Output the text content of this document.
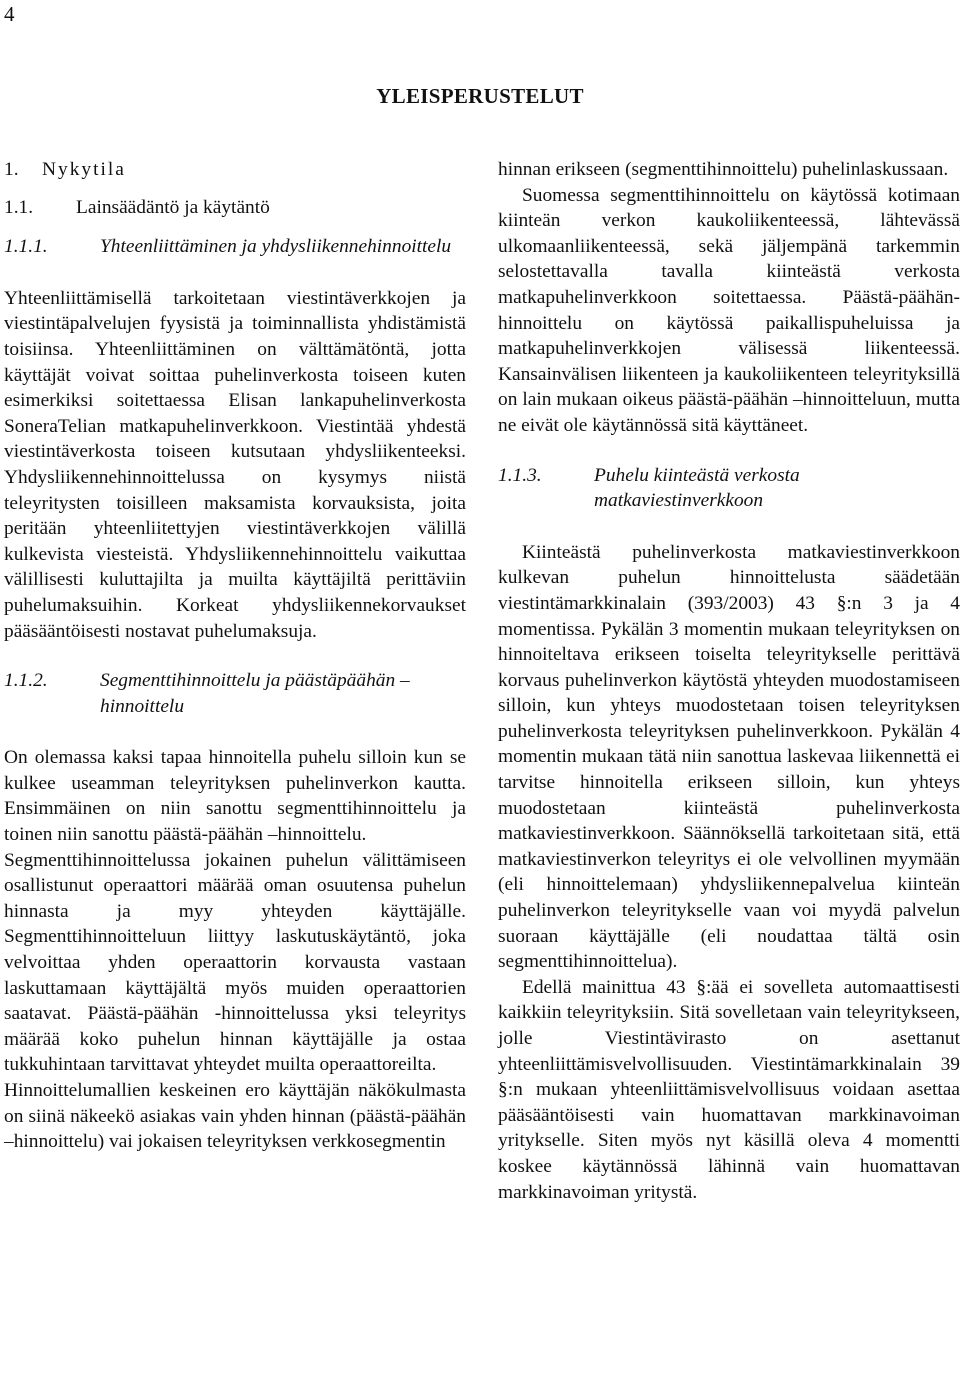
4
YLEISPERUSTELUT
1.	Nykytila
1.1.	Lainsäädäntö ja käytäntö
1.1.1.	Yhteenliittäminen ja yhdysliikennehinnoittelu

Yhteenliittämisellä tarkoitetaan viestintäverkkojen ja viestintäpalvelujen fyysistä ja toiminnallista yhdistämistä toisiinsa. Yhteenliittäminen on välttämätöntä, jotta käyttäjät voivat soittaa puhelinverkosta toiseen kuten esimerkiksi soitettaessa Elisan lankapuhelinverkosta SoneraTelian matkapuhelinverkkoon. Viestintää yhdestä viestintäverkosta toiseen kutsutaan yhdysliikenteeksi. Yhdysliikennehinnoittelussa on kysymys niistä teleyritysten toisilleen maksamista korvauksista, joita peritään yhteenliitettyjen viestintäverkkojen välillä kulkevista viesteistä. Yhdysliikennehinnoittelu vaikuttaa välillisesti kuluttajilta ja muilta käyttäjiltä perittäviin puhelumaksuihin. Korkeat yhdysliikennekorvaukset pääsääntöisesti nostavat puhelumaksuja.

1.1.2.	Segmenttihinnoittelu ja päästäpäähän –hinnoittelu

On olemassa kaksi tapaa hinnoitella puhelu silloin kun se kulkee useamman teleyrityksen puhelinverkon kautta. Ensimmäinen on niin sanottu segmenttihinnoittelu ja toinen niin sanottu päästä-päähän –hinnoittelu.

Segmenttihinnoittelussa jokainen puhelun välittämiseen osallistunut operaattori määrää oman osuutensa puhelun hinnasta ja myy yhteyden käyttäjälle. Segmenttihinnoitteluun liittyy laskutuskäytäntö, joka velvoittaa yhden operaattorin korvausta vastaan laskuttamaan käyttäjältä myös muiden operaattorien saatavat. Päästä-päähän -hinnoittelussa yksi teleyritys määrää koko puhelun hinnan käyttäjälle ja ostaa tukkuhintaan tarvittavat yhteydet muilta operaattoreilta.

Hinnoittelumallien keskeinen ero käyttäjän näkökulmasta on siinä näkeekö asiakas vain yhden hinnan (päästä-päähän –hinnoittelu) vai jokaisen teleyrityksen verkkosegmentin

hinnan erikseen (segmenttihinnoittelu) puhelinlaskussaan.

Suomessa segmenttihinnoittelu on käytössä kotimaan kiinteän verkon kaukoliikenteessä, lähtevässä ulkomaanliikenteessä, sekä jäljempänä tarkemmin selostettavalla tavalla kiinteästä verkosta matkapuhelinverkkoon soitettaessa. Päästä-päähän-hinnoittelu on käytössä paikallispuheluissa ja matkapuhelinverkkojen välisessä liikenteessä. Kansainvälisen liikenteen ja kaukoliikenteen teleyrityksillä on lain mukaan oikeus päästä-päähän –hinnoitteluun, mutta ne eivät ole käytännössä sitä käyttäneet.

1.1.3.	Puhelu kiinteästä verkosta matkaviestinverkkoon

Kiinteästä puhelinverkosta matkaviestinverkkoon kulkevan puhelun hinnoittelusta säädetään viestintämarkkinalain (393/2003) 43 §:n 3 ja 4 momentissa. Pykälän 3 momentin mukaan teleyrityksen on hinnoiteltava erikseen toiselta teleyritykselle perittävä korvaus puhelinverkon käytöstä yhteyden muodostamiseen silloin, kun yhteys muodostetaan toisen teleyrityksen puhelinverkosta teleyrityksen puhelinverkkoon. Pykälän 4 momentin mukaan tätä niin sanottua laskevaa liikennettä ei tarvitse hinnoitella erikseen silloin, kun yhteys muodostetaan kiinteästä puhelinverkosta matkaviestinverkkoon. Säännöksellä tarkoitetaan sitä, että matkaviestinverkon teleyritys ei ole velvollinen myymään (eli hinnoittelemaan) yhdysliikennepalvelua kiinteän puhelinverkon teleyritykselle vaan voi myydä palvelun suoraan käyttäjälle (eli noudattaa tältä osin segmenttihinnoittelua).

Edellä mainittua 43 §:ää ei sovelleta automaattisesti kaikkiin teleyrityksiin. Sitä sovelletaan vain teleyritykseen, jolle Viestintävirasto on asettanut yhteenliittämisvelvollisuuden. Viestintämarkkinalain 39 §:n mukaan yhteenliittämisvelvollisuus voidaan asettaa pääsääntöisesti vain huomattavan markkinavoiman yritykselle. Siten myös nyt käsillä oleva 4 momentti koskee käytännössä lähinnä vain huomattavan markkinavoiman yritystä.
